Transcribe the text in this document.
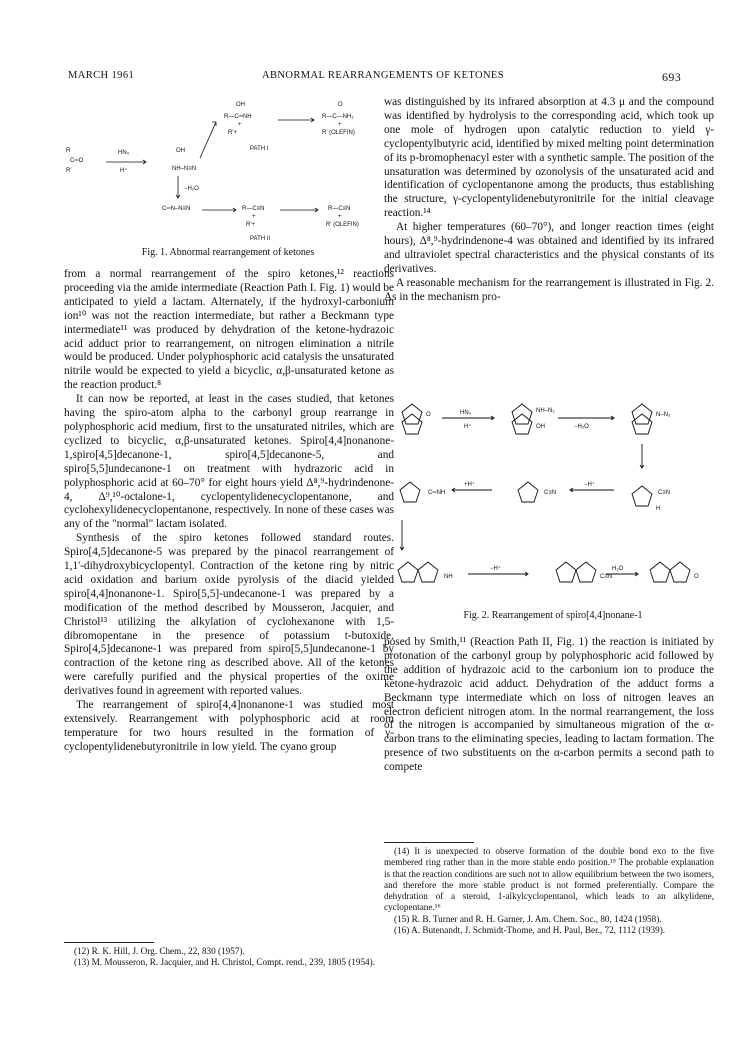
MARCH 1961	ABNORMAL REARRANGEMENTS OF KETONES	693
OH
R—C═NH
+
R'+
O
R—C—NH₂
+
R' (OLEFIN)
PATH I
R
C═O
R'
HN₃
H⁺
OH
NH–N≡N
−H₂O
C═N–N≡N	R—C≡N
+
R'+
R—C≡N
+
R' (OLEFIN)
PATH II
Fig. 1. Abnormal rearrangement of ketones

from a normal rearrangement of the spiro ketones,¹² reactions proceeding via the amide intermediate (Reaction Path I. Fig. 1) would be anticipated to yield a lactam. Alternately, if the hydroxyl-carbonium ion¹⁰ was not the reaction intermediate, but rather a Beckmann type intermediate¹¹ was produced by dehydration of the ketone-hydrazoic acid adduct prior to rearrangement, on nitrogen elimination a nitrile would be produced. Under polyphosphoric acid catalysis the unsaturated nitrile would be expected to yield a bicyclic, α,β-unsaturated ketone as the reaction product.⁸

It can now be reported, at least in the cases studied, that ketones having the spiro-atom alpha to the carbonyl group rearrange in polyphosphoric acid medium, first to the unsaturated nitriles, which are cyclized to bicyclic, α,β-unsaturated ketones. Spiro[4,4]nonanone-1,spiro[4,5]decanone-1, spiro[4,5]decanone-5, and spiro[5,5]undecanone-1 on treatment with hydrazoric acid in polyphosphoric acid at 60–70° for eight hours yield Δ⁸,⁹-hydrindenone-4, Δ⁹,¹⁰-octalone-1, cyclopentylidenecyclopentanone, and cyclohexylidenecyclopentanone, respectively. In none of these cases was any of the "normal" lactam isolated.

Synthesis of the spiro ketones followed standard routes. Spiro[4,5]decanone-5 was prepared by the pinacol rearrangement of 1,1'-dihydroxybicyclopentyl. Contraction of the ketone ring by nitric acid oxidation and barium oxide pyrolysis of the diacid yielded spiro[4,4]nonanone-1. Spiro[5,5]-undecanone-1 was prepared by a modification of the method described by Mousseron, Jacquier, and Christol¹³ utilizing the alkylation of cyclohexanone with 1,5-dibromopentane in the presence of potassium t-butoxide. Spiro[4,5]decanone-1 was prepared from spiro[5,5]undecanone-1 by contraction of the ketone ring as described above. All of the ketones were carefully purified and the physical properties of the oxime derivatives found in agreement with reported values.

The rearrangement of spiro[4,4]nonanone-1 was studied most extensively. Rearrangement with polyphosphoric acid at room temperature for two hours resulted in the formation of γ-cyclopentylidenebutyronitrile in low yield. The cyano group

(12) R. K. Hill, J. Org. Chem., 22, 830 (1957).

(13) M. Mousseron, R. Jacquier, and H. Christol, Compt. rend., 239, 1805 (1954).

was distinguished by its infrared absorption at 4.3 μ and the compound was identified by hydrolysis to the corresponding acid, which took up one mole of hydrogen upon catalytic reduction to yield γ-cyclopentylbutyric acid, identified by mixed melting point determination of its p-bromophenacyl ester with a synthetic sample. The position of the unsaturation was determined by ozonolysis of the unsaturated acid and identification of cyclopentanone among the products, thus establishing the structure, γ-cyclopentylidenebutyronitrile for the initial cleavage reaction.¹⁴

At higher temperatures (60–70°), and longer reaction times (eight hours), Δ⁸,⁹-hydrindenone-4 was obtained and identified by its infrared and ultraviolet spectral characteristics and the physical constants of its derivatives.

A reasonable mechanism for the rearrangement is illustrated in Fig. 2. As in the mechanism pro-

O	HN₃
H⁺
NH–N₂
OH	−H₂O
N–N₂
C═NH
+H⁺
C≡N
−H⁺
C≡N
H
NH
−H⁺
C≡N
H₂O
O
Fig. 2. Rearrangement of spiro[4,4]nonane-1

posed by Smith,¹¹ (Reaction Path II, Fig. 1) the reaction is initiated by protonation of the carbonyl group by polyphosphoric acid followed by the addition of hydrazoic acid to the carbonium ion to produce the ketone-hydrazoic acid adduct. Dehydration of the adduct forms a Beckmann type intermediate which on loss of nitrogen leaves an electron deficient nitrogen atom. In the normal rearrangement, the loss of the nitrogen is accompanied by simultaneous migration of the α-carbon trans to the eliminating species, leading to lactam formation. The presence of two substituents on the α-carbon permits a second path to compete

(14) It is unexpected to observe formation of the double bond exo to the five membered ring rather than in the more stable endo position.¹⁵ The probable explanation is that the reaction conditions are such not to allow equilibrium between the two isomers, and therefore the more stable product is not formed preferentially. Compare the dehydration of a steroid, 1-alkylcyclopentanol, which leads to an alkylidene, cyclopentane.¹⁶

(15) R. B. Turner and R. H. Garner, J. Am. Chem. Soc., 80, 1424 (1958).

(16) A. Butenandt, J. Schmidt-Thome, and H. Paul, Ber., 72, 1112 (1939).
